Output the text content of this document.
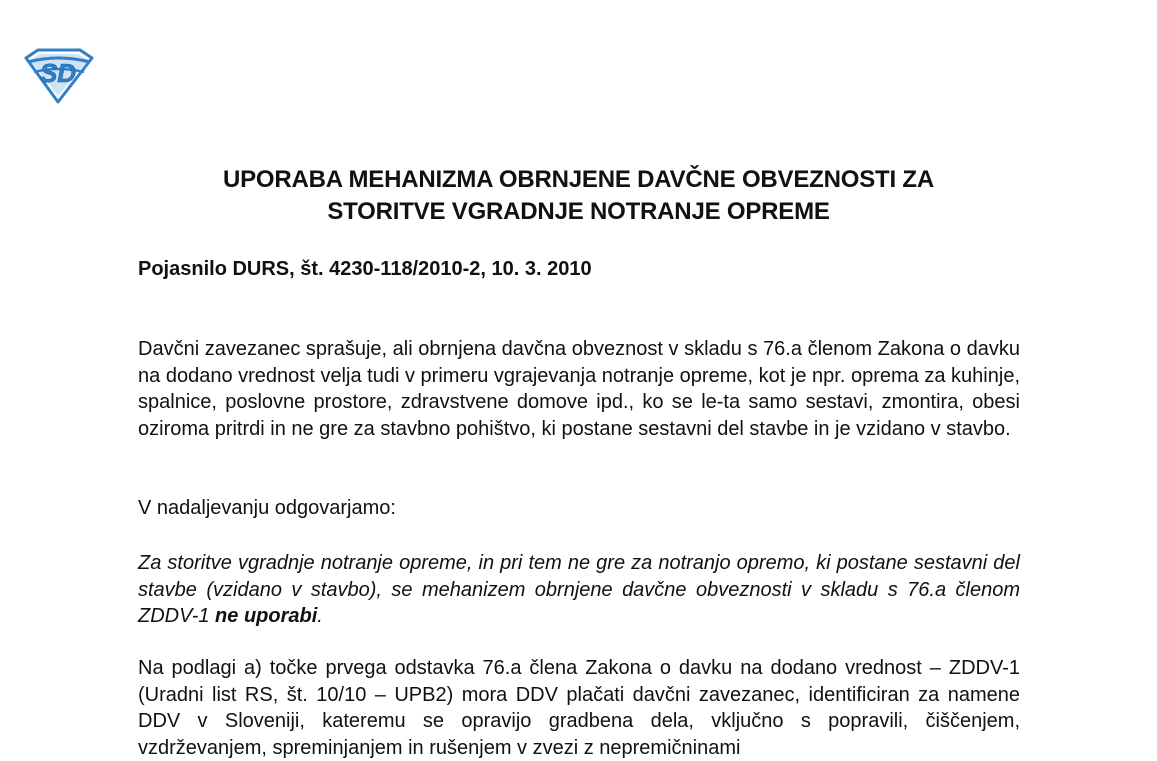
SD
UPORABA MEHANIZMA OBRNJENE DAVČNE OBVEZNOSTI ZA
STORITVE VGRADNJE NOTRANJE OPREME
Pojasnilo DURS, št. 4230-118/2010-2, 10. 3. 2010

Davčni zavezanec sprašuje, ali obrnjena davčna obveznost v skladu s 76.a členom Zakona o davku na dodano vrednost velja tudi v primeru vgrajevanja notranje opreme, kot je npr. oprema za kuhinje, spalnice, poslovne prostore, zdravstvene domove ipd., ko se le-ta samo sestavi, zmontira, obesi oziroma pritrdi in ne gre za stavbno pohištvo, ki postane sestavni del stavbe in je vzidano v stavbo.

V nadaljevanju odgovarjamo:

Za storitve vgradnje notranje opreme, in pri tem ne gre za notranjo opremo, ki postane sestavni del stavbe (vzidano v stavbo), se mehanizem obrnjene davčne obveznosti v skladu s 76.a členom ZDDV-1 ne uporabi.

Na podlagi a) točke prvega odstavka 76.a člena Zakona o davku na dodano vrednost – ZDDV-1 (Uradni list RS, št. 10/10 – UPB2) mora DDV plačati davčni zavezanec, identificiran za namene DDV v Sloveniji, kateremu se opravijo gradbena dela, vključno s popravili, čiščenjem, vzdrževanjem, spreminjanjem in rušenjem v zvezi z nepremičninami
